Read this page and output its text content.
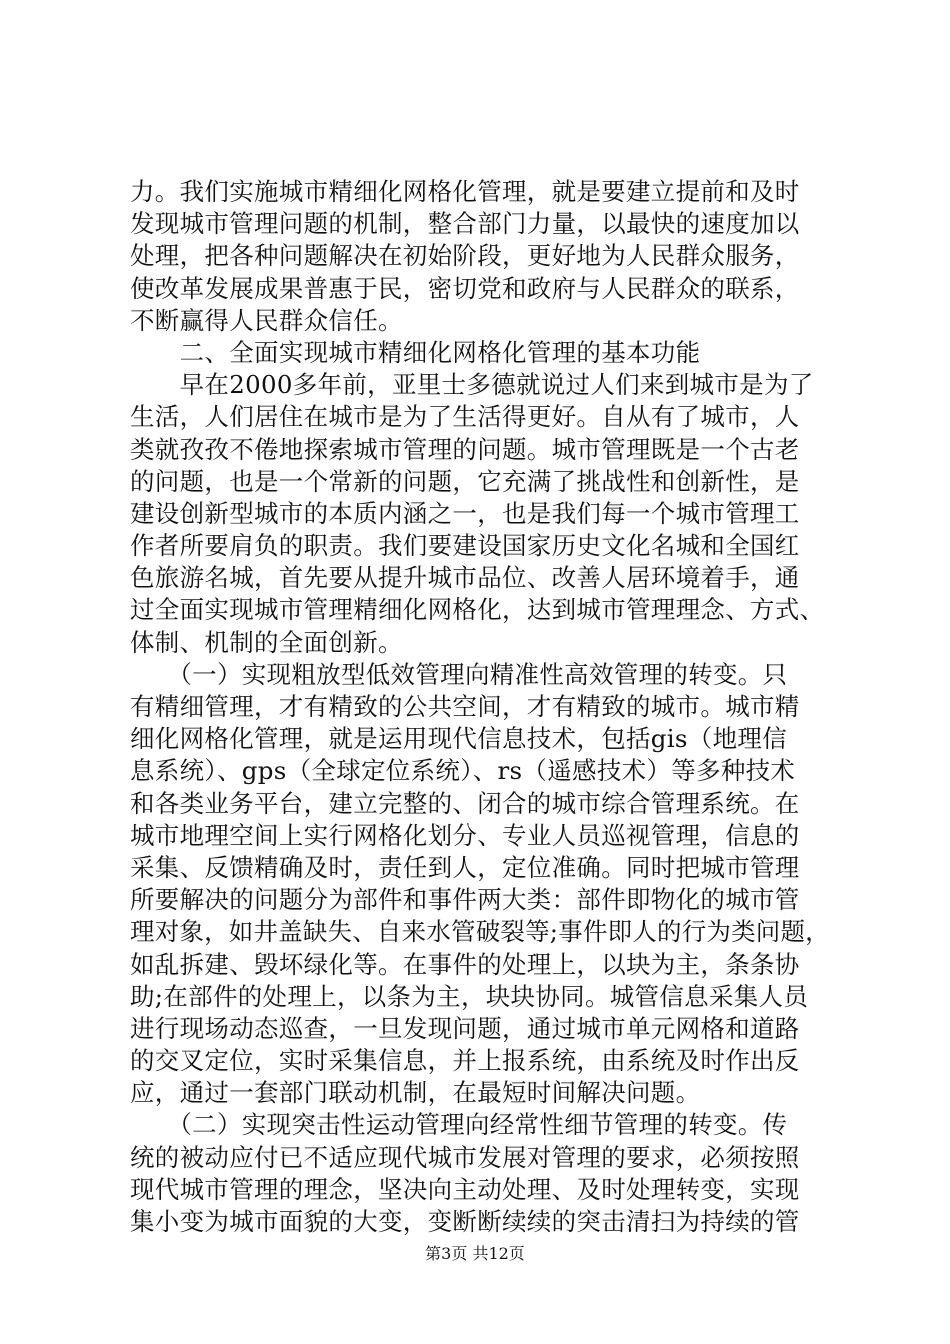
力。我们实施城市精细化网格化管理，就是要建立提前和及时
发现城市管理问题的机制，整合部门力量，以最快的速度加以
处理，把各种问题解决在初始阶段，更好地为人民群众服务，
使改革发展成果普惠于民，密切党和政府与人民群众的联系，
不断赢得人民群众信任。
　　二、全面实现城市精细化网格化管理的基本功能
　　早在2000多年前，亚里士多德就说过人们来到城市是为了
生活，人们居住在城市是为了生活得更好。自从有了城市，人
类就孜孜不倦地探索城市管理的问题。城市管理既是一个古老
的问题，也是一个常新的问题，它充满了挑战性和创新性，是
建设创新型城市的本质内涵之一，也是我们每一个城市管理工
作者所要肩负的职责。我们要建设国家历史文化名城和全国红
色旅游名城，首先要从提升城市品位、改善人居环境着手，通
过全面实现城市管理精细化网格化，达到城市管理理念、方式、
体制、机制的全面创新。
　　（一）实现粗放型低效管理向精准性高效管理的转变。只
有精细管理，才有精致的公共空间，才有精致的城市。城市精
细化网格化管理，就是运用现代信息技术，包括gis（地理信
息系统）、gps（全球定位系统）、rs（遥感技术）等多种技术
和各类业务平台，建立完整的、闭合的城市综合管理系统。在
城市地理空间上实行网格化划分、专业人员巡视管理，信息的
采集、反馈精确及时，责任到人，定位准确。同时把城市管理
所要解决的问题分为部件和事件两大类：部件即物化的城市管
理对象，如井盖缺失、自来水管破裂等;事件即人的行为类问题，
如乱拆建、毁坏绿化等。在事件的处理上，以块为主，条条协
助;在部件的处理上，以条为主，块块协同。城管信息采集人员
进行现场动态巡查，一旦发现问题，通过城市单元网格和道路
的交叉定位，实时采集信息，并上报系统，由系统及时作出反
应，通过一套部门联动机制，在最短时间解决问题。
　　（二）实现突击性运动管理向经常性细节管理的转变。传
统的被动应付已不适应现代城市发展对管理的要求，必须按照
现代城市管理的理念，坚决向主动处理、及时处理转变，实现
集小变为城市面貌的大变，变断断续续的突击清扫为持续的管
第3页 共12页
